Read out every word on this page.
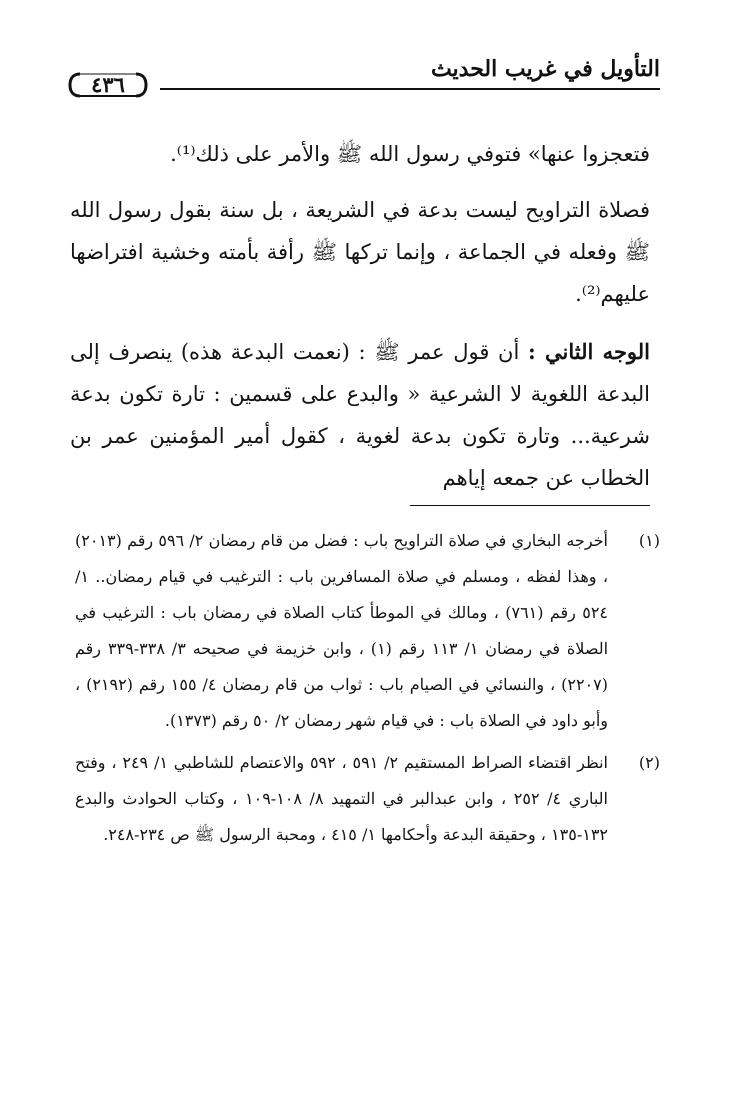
التأويل في غريب الحديث
٤٣٦

فتعجزوا عنها» فتوفي رسول الله ﷺ والأمر على ذلك⁽¹⁾.

فصلاة التراويح ليست بدعة في الشريعة ، بل سنة بقول رسول الله ﷺ وفعله في الجماعة ، وإنما تركها ﷺ رأفة بأمته وخشية افتراضها عليهم⁽²⁾.

الوجه الثاني : أن قول عمر ﷺ : (نعمت البدعة هذه) ينصرف إلى البدعة اللغوية لا الشرعية « والبدع على قسمين : تارة تكون بدعة شرعية... وتارة تكون بدعة لغوية ، كقول أمير المؤمنين عمر بن الخطاب عن جمعه إياهم

(١)

أخرجه البخاري في صلاة التراويح باب : فضل من قام رمضان ٢/ ٥٩٦ رقم (٢٠١٣) ، وهذا لفظه ، ومسلم في صلاة المسافرين باب : الترغيب في قيام رمضان.. ١/ ٥٢٤ رقم (٧٦١) ، ومالك في الموطأ كتاب الصلاة في رمضان باب : الترغيب في الصلاة في رمضان ١/ ١١٣ رقم (١) ، وابن خزيمة في صحيحه ٣/ ٣٣٨-٣٣٩ رقم (٢٢٠٧) ، والنسائي في الصيام باب : ثواب من قام رمضان ٤/ ١٥٥ رقم (٢١٩٢) ، وأبو داود في الصلاة باب : في قيام شهر رمضان ٢/ ٥٠ رقم (١٣٧٣).

(٢)

انظر اقتضاء الصراط المستقيم ٢/ ٥٩١ ، ٥٩٢ والاعتصام للشاطبي ١/ ٢٤٩ ، وفتح الباري ٤/ ٢٥٢ ، وابن عبدالبر في التمهيد ٨/ ١٠٨-١٠٩ ، وكتاب الحوادث والبدع ١٣٢-١٣٥ ، وحقيقة البدعة وأحكامها ١/ ٤١٥ ، ومحبة الرسول ﷺ ص ٢٣٤-٢٤٨.
